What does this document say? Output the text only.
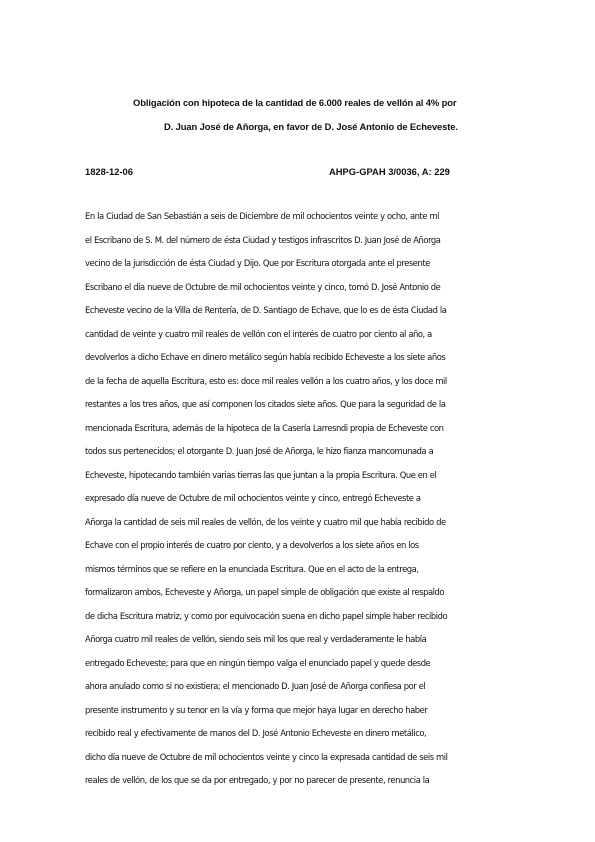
Obligación con hipoteca de la cantidad de 6.000 reales de vellón al 4% por
D. Juan José de Añorga, en favor de D. José Antonio de Echeveste.
1828-12-06	AHPG-GPAH 3/0036, A: 229
En la Ciudad de San Sebastián a seis de Diciembre de mil ochocientos veinte y ocho, ante mí
el Escribano de S. M. del número de ésta Ciudad y testigos infrascritos D. Juan José de Añorga
vecino de la jurisdicción de ésta Ciudad y Dijo. Que por Escritura otorgada ante el presente
Escribano el día nueve de Octubre de mil ochocientos veinte y cinco, tomó D. José Antonio de
Echeveste vecino de la Villa de Rentería, de D. Santiago de Echave, que lo es de ésta Ciudad la
cantidad de veinte y cuatro mil reales de vellón con el interés de cuatro por ciento al año, a
devolverlos a dicho Echave en dinero metálico según había recibido Echeveste a los siete años
de la fecha de aquella Escritura, esto es: doce mil reales vellón a los cuatro años, y los doce mil
restantes a los tres años, que así componen los citados siete años. Que para la seguridad de la
mencionada Escritura, además de la hipoteca de la Casería Larresndi propia de Echeveste con
todos sus pertenecidos; el otorgante D. Juan José de Añorga, le hizo fianza mancomunada a
Echeveste, hipotecando también varias tierras las que juntan a la propia Escritura. Que en el
expresado día nueve de Octubre de mil ochocientos veinte y cinco, entregó Echeveste a
Añorga la cantidad de seis mil reales de vellón, de los veinte y cuatro mil que había recibido de
Echave con el propio interés de cuatro por ciento, y a devolverlos a los siete años en los
mismos términos que se refiere en la enunciada Escritura. Que en el acto de la entrega,
formalizaron ambos, Echeveste y Añorga, un papel simple de obligación que existe al respaldo
de dicha Escritura matriz, y como por equivocación suena en dicho papel simple haber recibido
Añorga cuatro mil reales de vellón, siendo seis mil los que real y verdaderamente le había
entregado Echeveste; para que en ningún tiempo valga el enunciado papel y quede desde
ahora anulado como si no existiera; el mencionado D. Juan José de Añorga confiesa por el
presente instrumento y su tenor en la vía y forma que mejor haya lugar en derecho haber
recibido real y efectivamente de manos del D. José Antonio Echeveste en dinero metálico,
dicho día nueve de Octubre de mil ochocientos veinte y cinco la expresada cantidad de seis mil
reales de vellón, de los que se da por entregado, y por no parecer de presente, renuncia la
